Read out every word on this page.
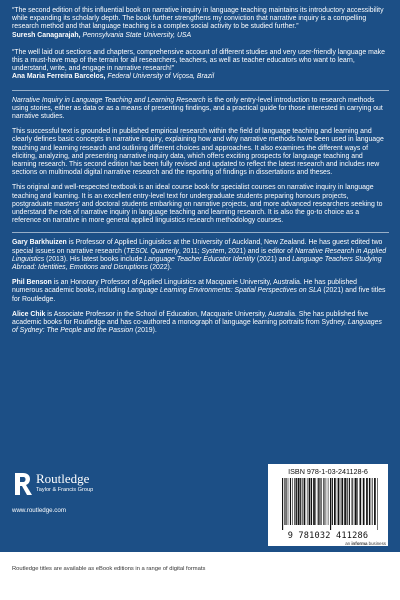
“The second edition of this influential book on narrative inquiry in language teaching maintains its introductory accessibility while expanding its scholarly depth. The book further strengthens my conviction that narrative inquiry is a compelling research method and that language teaching is a complex social activity to be studied further.”
Suresh Canagarajah, Pennsylvania State University, USA
“The well laid out sections and chapters, comprehensive account of different studies and very user-friendly language make this a must-have map of the terrain for all researchers, teachers, as well as teacher educators who want to learn, understand, write, and engage in narrative research!”
Ana Maria Ferreira Barcelos, Federal University of Viçosa, Brazil

Narrative Inquiry in Language Teaching and Learning Research is the only entry-level introduction to research methods using stories, either as data or as a means of presenting findings, and a practical guide for those interested in carrying out narrative studies.

This successful text is grounded in published empirical research within the field of language teaching and learning and clearly defines basic concepts in narrative inquiry, explaining how and why narrative methods have been used in language teaching and learning research and outlining different choices and approaches. It also examines the different ways of eliciting, analyzing, and presenting narrative inquiry data, which offers exciting prospects for language teaching and learning research. This second edition has been fully revised and updated to reflect the latest research and includes new sections on multimodal digital narrative research and the reporting of findings in dissertations and theses.

This original and well-respected textbook is an ideal course book for specialist courses on narrative inquiry in language teaching and learning. It is an excellent entry-level text for undergraduate students preparing honours projects, postgraduate masters’ and doctoral students embarking on narrative projects, and more advanced researchers seeking to understand the role of narrative inquiry in language teaching and learning research. It is also the go-to choice as a reference on narrative in more general applied linguistics research methodology courses.

Gary Barkhuizen is Professor of Applied Linguistics at the University of Auckland, New Zealand. He has guest edited two special issues on narrative research (TESOL Quarterly, 2011; System, 2021) and is editor of Narrative Research in Applied Linguistics (2013). His latest books include Language Teacher Educator Identity (2021) and Language Teachers Studying Abroad: Identities, Emotions and Disruptions (2022).

Phil Benson is an Honorary Professor of Applied Linguistics at Macquarie University, Australia. He has published numerous academic books, including Language Learning Environments: Spatial Perspectives on SLA (2021) and five titles for Routledge.

Alice Chik is Associate Professor in the School of Education, Macquarie University, Australia. She has published five academic books for Routledge and has co-authored a monograph of language learning portraits from Sydney, Languages of Sydney: The People and the Passion (2019).

Routledge
Taylor & Francis Group
www.routledge.com
ISBN 978-1-03-241128-6
9 781032 411286
an informa business
Routledge titles are available as eBook editions in a range of digital formats
